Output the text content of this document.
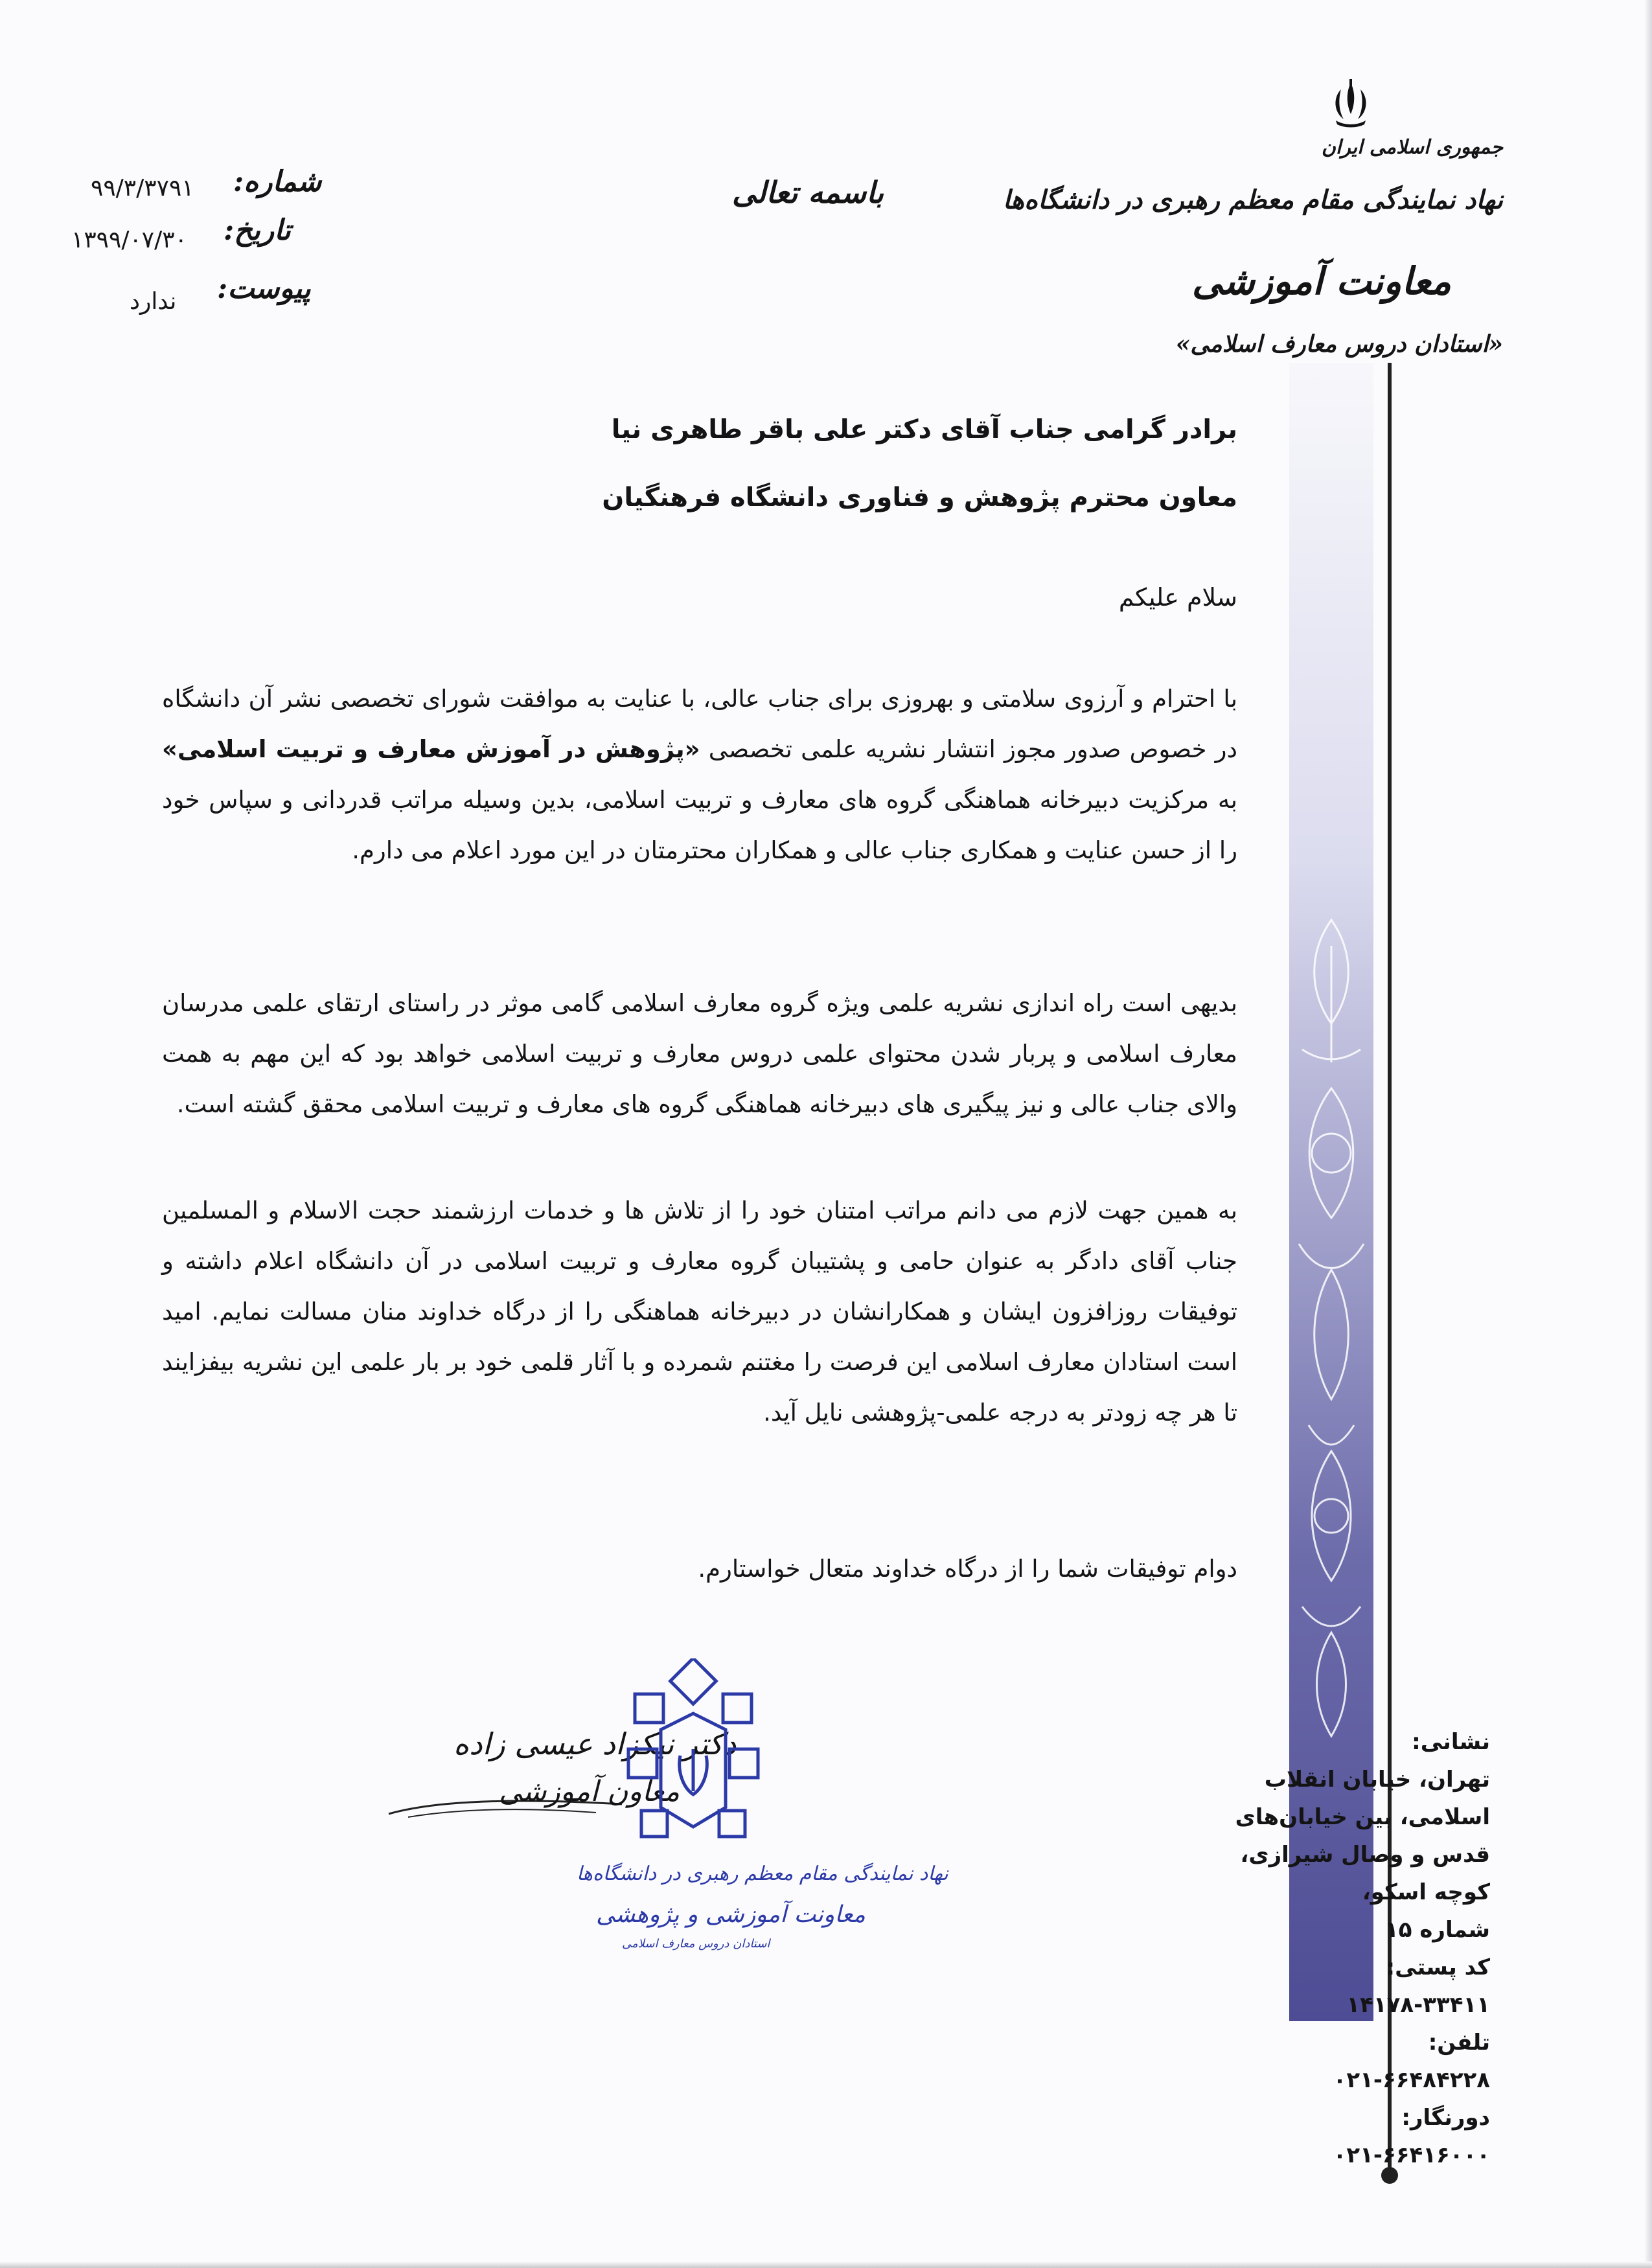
جمهوری اسلامی ایران
نهاد نمایندگی مقام معظم رهبری در دانشگاه‌ها
معاونت آموزشی
«استادان دروس معارف اسلامی»
باسمه تعالی
شماره:
۹۹/۳/۳۷۹۱
تاریخ:
۱۳۹۹/۰۷/۳۰
پیوست:
ندارد
نشانی:
تهران، خیابان انقلاب
اسلامی، بین خیابان‌های
قدس و وصال شیرازی،
کوچه اسکو،
شماره ۱۵
کد پستی:
۱۴۱۷۸-۳۳۴۱۱
تلفن:
۰۲۱-۶۶۴۸۴۲۲۸
دورنگار:
۰۲۱-۶۶۴۱۶۰۰۰
برادر گرامی جناب آقای دکتر علی باقر طاهری نیا
معاون محترم پژوهش و فناوری دانشگاه فرهنگیان
سلام علیکم
با احترام و آرزوی سلامتی و بهروزی برای جناب عالی، با عنایت به موافقت شورای تخصصی نشر آن دانشگاه در خصوص صدور مجوز انتشار نشریه علمی تخصصی «پژوهش در آموزش معارف و تربیت اسلامی» به مرکزیت دبیرخانه هماهنگی گروه های معارف و تربیت اسلامی، بدین وسیله مراتب قدردانی و سپاس خود را از حسن عنایت و همکاری جناب عالی و همکاران محترمتان در این مورد اعلام می دارم.
بدیهی است راه اندازی نشریه علمی ویژه گروه معارف اسلامی گامی موثر در راستای ارتقای علمی مدرسان معارف اسلامی و پربار شدن محتوای علمی دروس معارف و تربیت اسلامی خواهد بود که این مهم به همت والای جناب عالی و نیز پیگیری های دبیرخانه هماهنگی گروه های معارف و تربیت اسلامی محقق گشته است.
به همین جهت لازم می دانم مراتب امتنان خود را از تلاش ها و خدمات ارزشمند حجت الاسلام و المسلمین جناب آقای دادگر به عنوان حامی و پشتیبان گروه معارف و تربیت اسلامی در آن دانشگاه اعلام داشته و توفیقات روزافزون ایشان و همکارانشان در دبیرخانه هماهنگی را از درگاه خداوند منان مسالت نمایم. امید است استادان معارف اسلامی این فرصت را مغتنم شمرده و با آثار قلمی خود بر بار علمی این نشریه بیفزایند تا هر چه زودتر به درجه علمی-پژوهشی نایل آید.
دوام توفیقات شما را از درگاه خداوند متعال خواستارم.
دکتر نیکزاد عیسی زاده
معاون آموزشی
نهاد نمایندگی مقام معظم رهبری در دانشگاه‌ها
معاونت آموزشی و پژوهشی
استادان دروس معارف اسلامی
